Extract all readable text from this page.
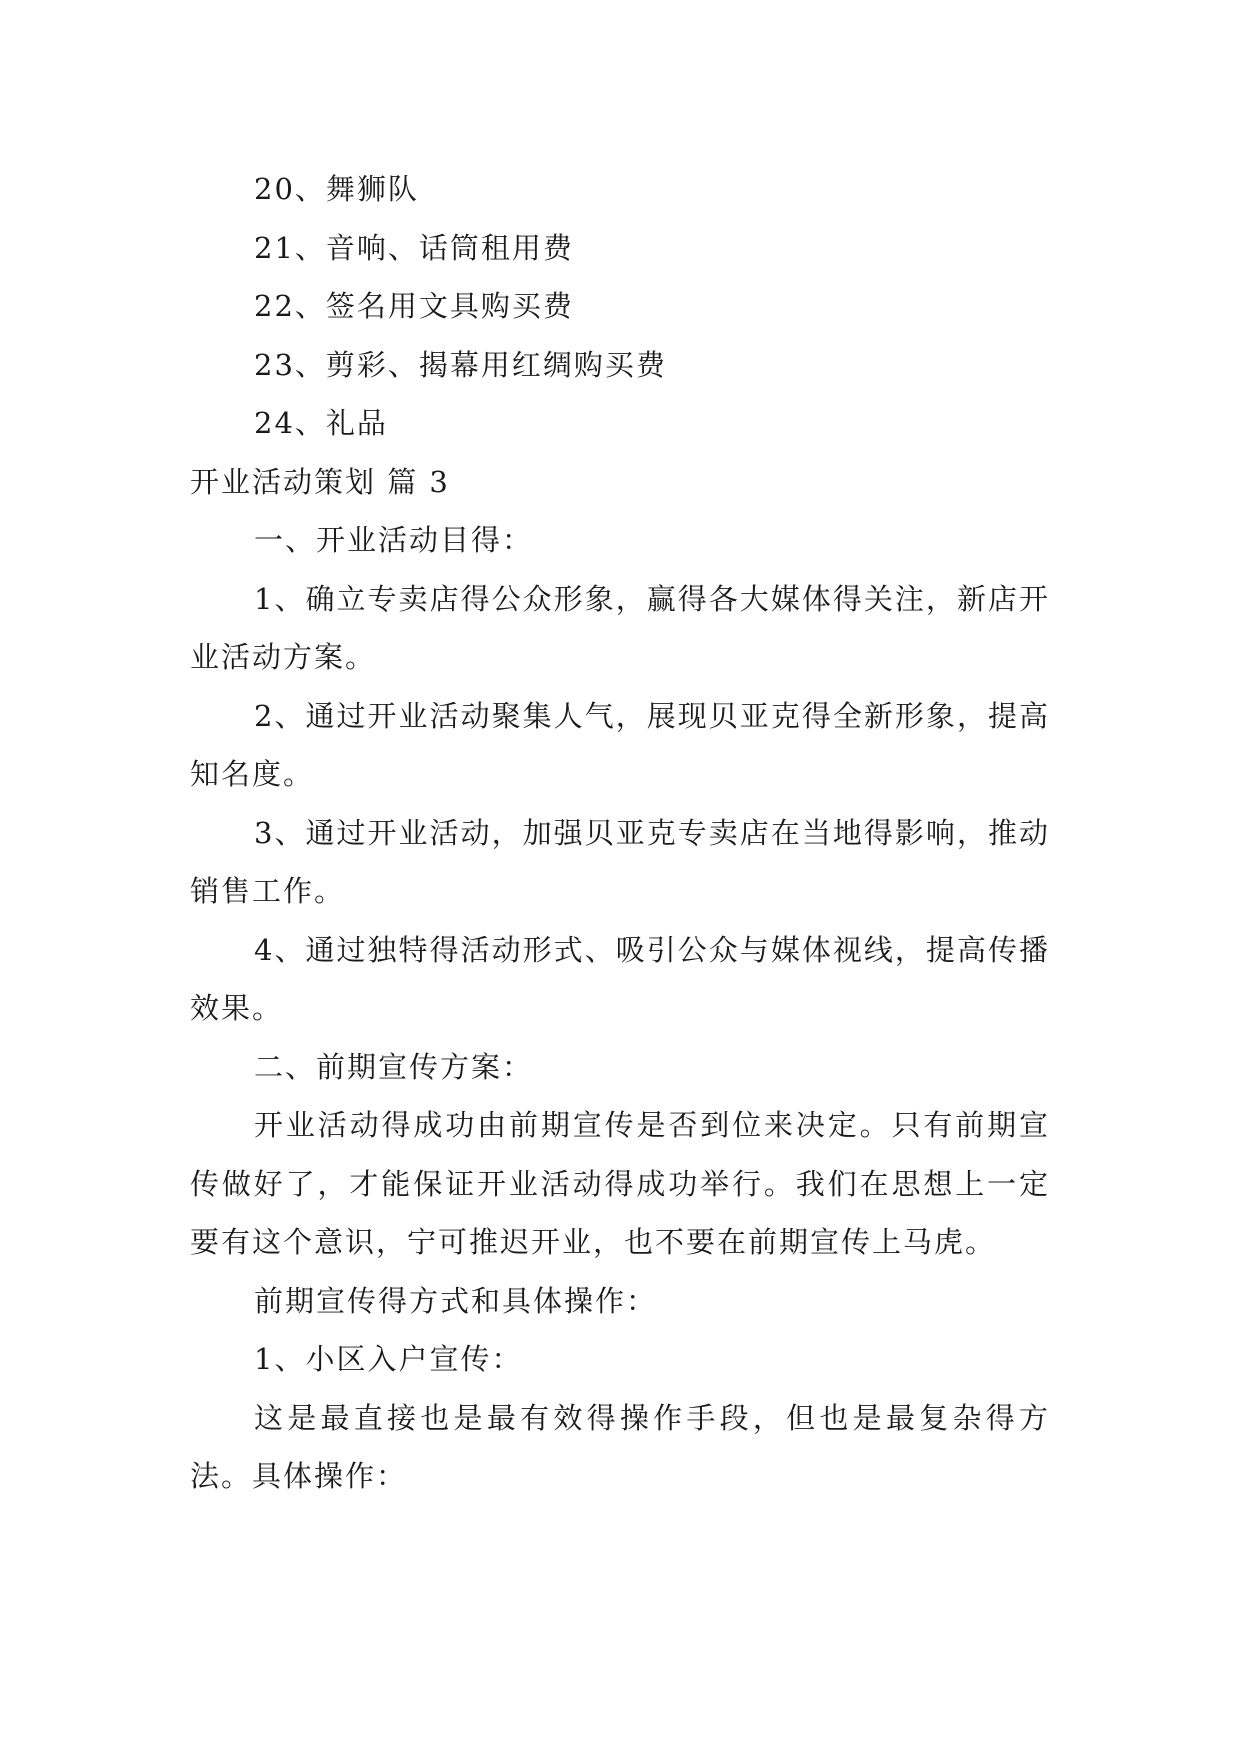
20、舞狮队
21、音响、话筒租用费
22、签名用文具购买费
23、剪彩、揭幕用红绸购买费
24、礼品
开业活动策划 篇 3
一、开业活动目得：

1、确立专卖店得公众形象，赢得各大媒体得关注，新店开业活动方案。

2、通过开业活动聚集人气，展现贝亚克得全新形象，提高知名度。

3、通过开业活动，加强贝亚克专卖店在当地得影响，推动销售工作。

4、通过独特得活动形式、吸引公众与媒体视线，提高传播效果。

二、前期宣传方案：

开业活动得成功由前期宣传是否到位来决定。只有前期宣传做好了，才能保证开业活动得成功举行。我们在思想上一定要有这个意识，宁可推迟开业，也不要在前期宣传上马虎。

前期宣传得方式和具体操作：
1、小区入户宣传：

这是最直接也是最有效得操作手段，但也是最复杂得方法。具体操作：
